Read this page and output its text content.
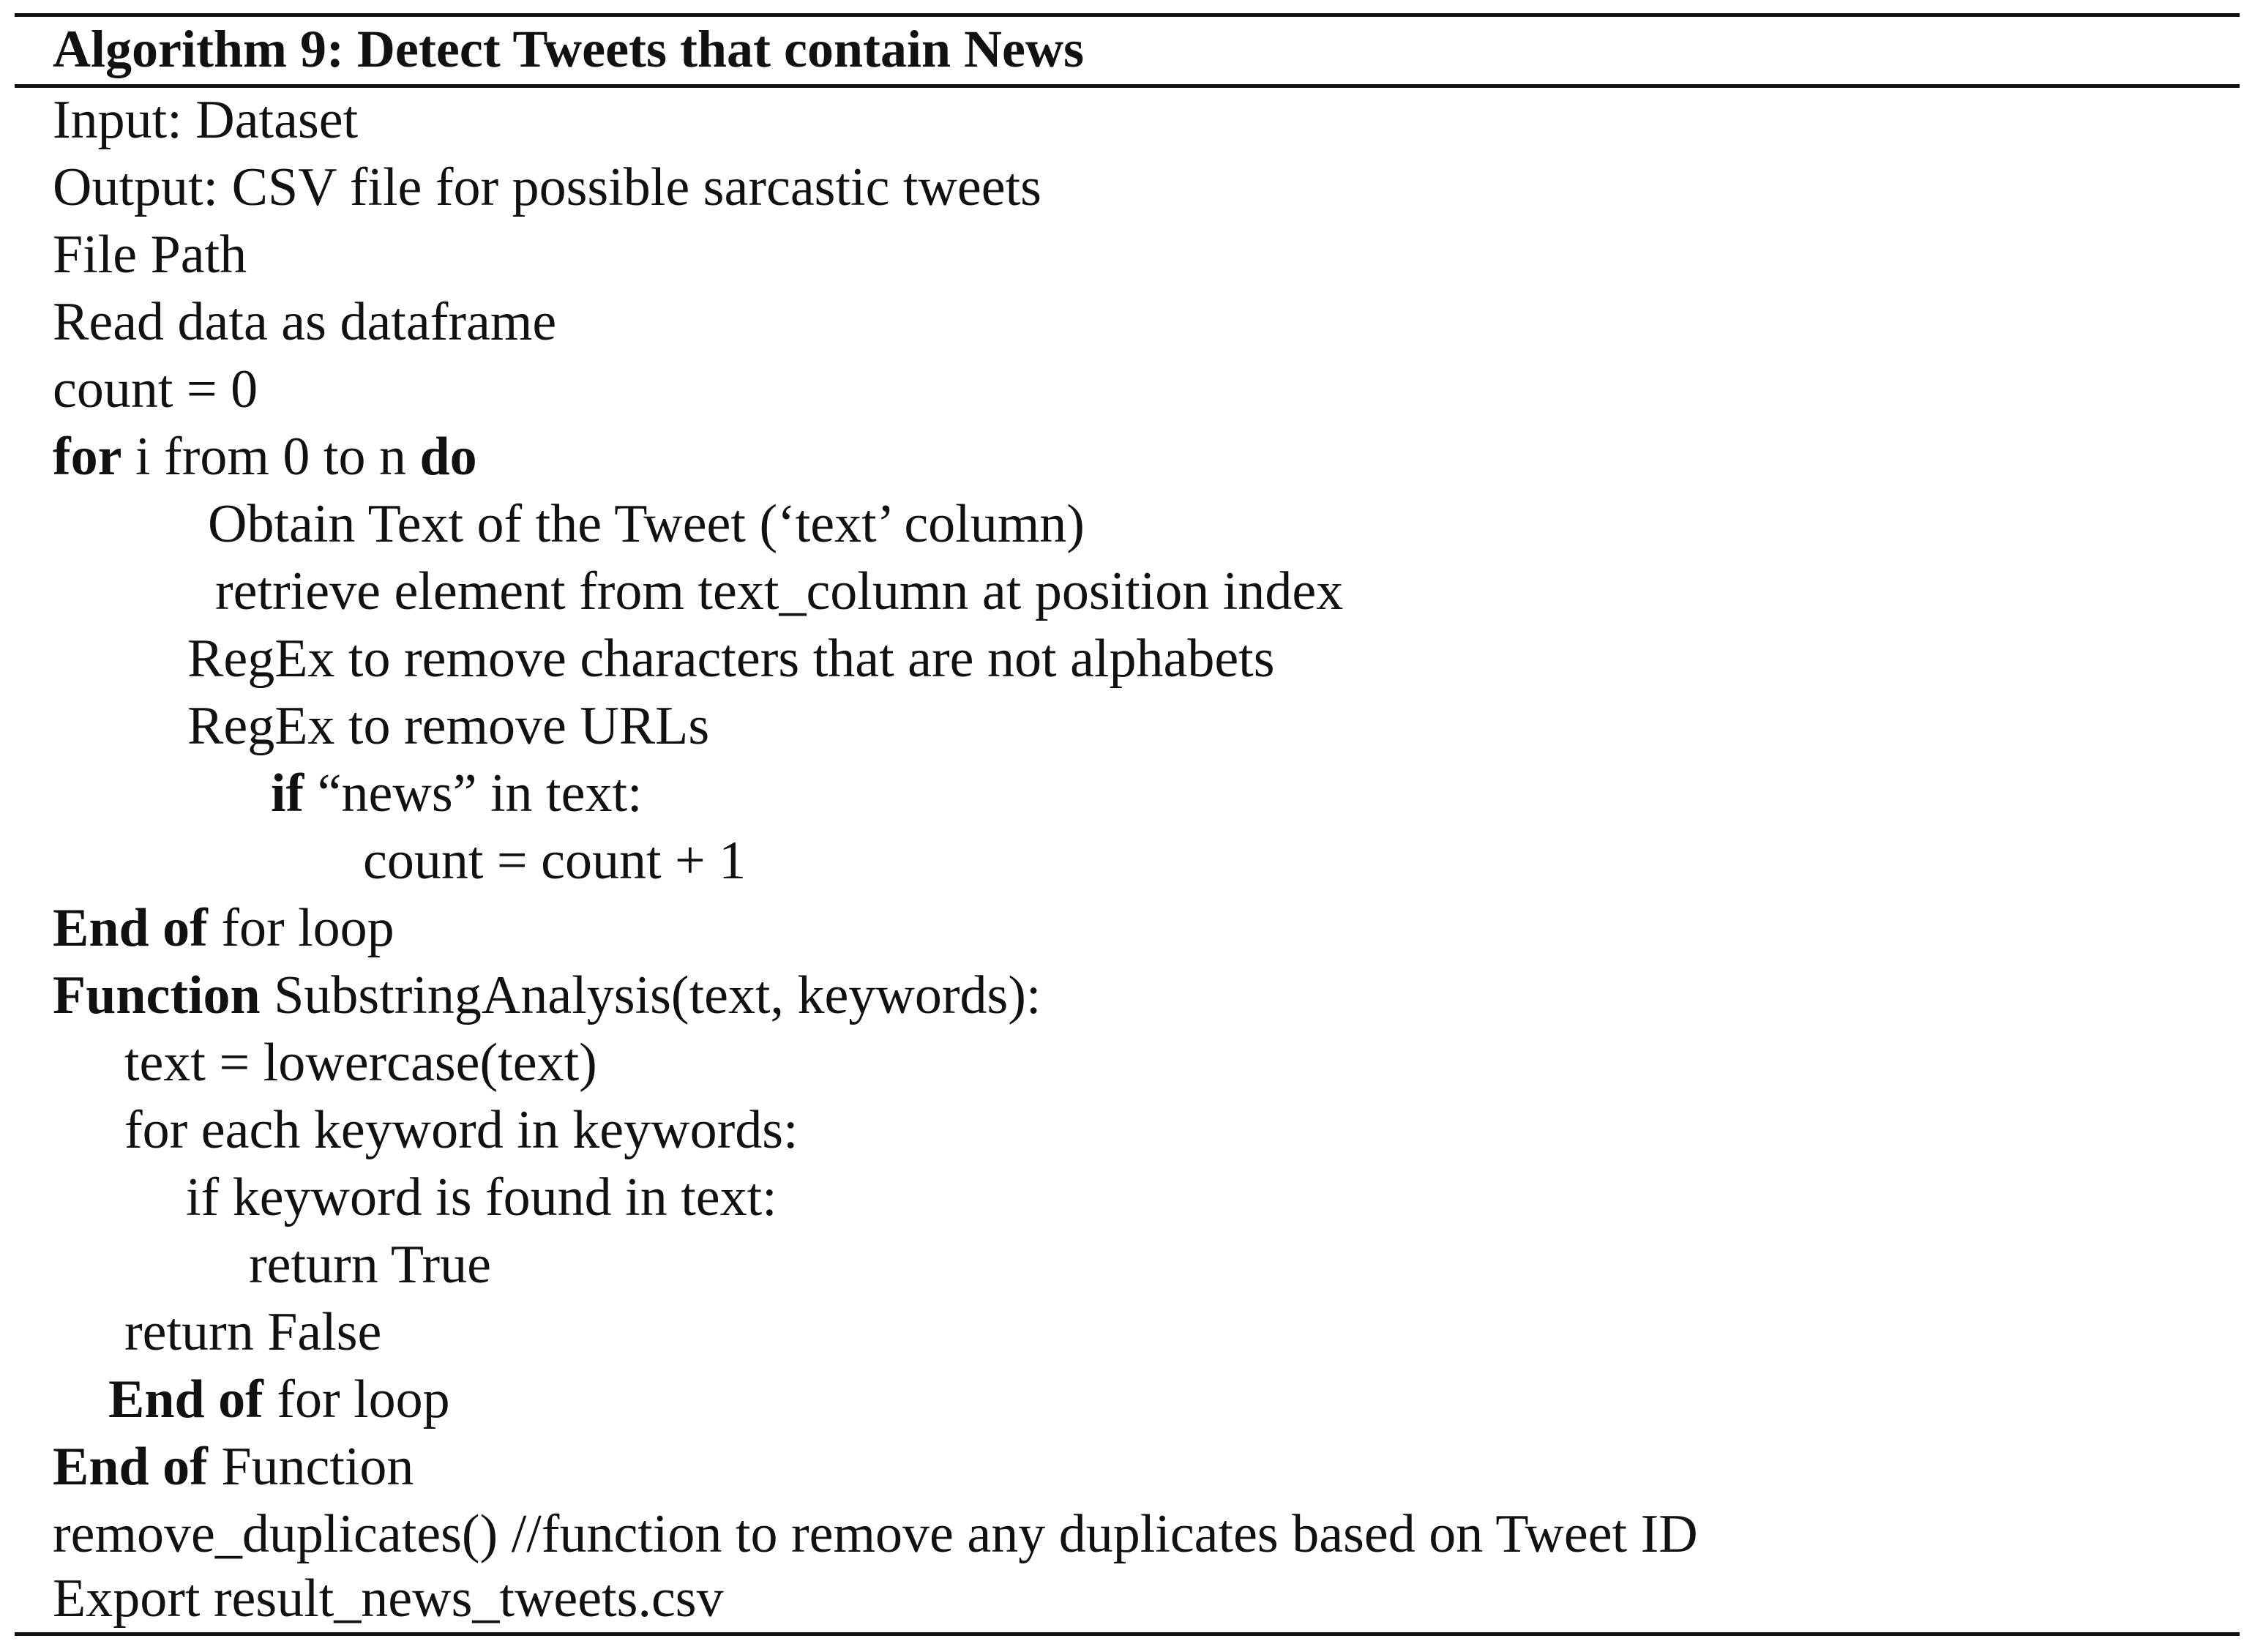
Algorithm 9: Detect Tweets that contain News
Input: Dataset
Output: CSV file for possible sarcastic tweets
File Path
Read data as dataframe
count = 0
for i from 0 to n do
Obtain Text of the Tweet (‘text’ column)
retrieve element from text_column at position index
RegEx to remove characters that are not alphabets
RegEx to remove URLs
if “news” in text:
count = count + 1
End of for loop
Function SubstringAnalysis(text, keywords):
text = lowercase(text)
for each keyword in keywords:
if keyword is found in text:
return True
return False
End of for loop
End of Function
remove_duplicates() //function to remove any duplicates based on Tweet ID
Export result_news_tweets.csv
